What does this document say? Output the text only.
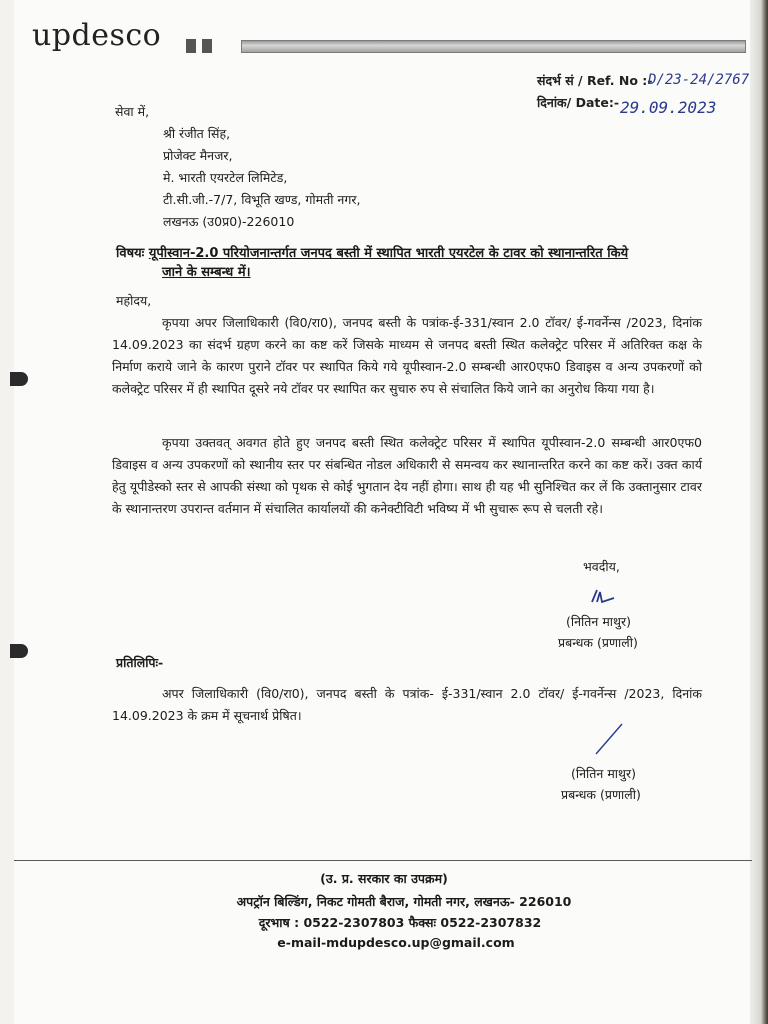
updesco
संदर्भ सं / Ref. No :-
D/23-24/2767
दिनांक/ Date:- 29.09.2023
सेवा में,
श्री रंजीत सिंह,
प्रोजेक्ट मैनजर,
मे. भारती एयरटेल लिमिटेड,
टी.सी.जी.-7/7, विभूति खण्ड, गोमती नगर,
लखनऊ (उ0प्र0)-226010
विषयः यूपीस्वान-2.0 परियोजनान्तर्गत जनपद बस्ती में स्थापित भारती एयरटेल के टावर को स्थानान्तरित किये
जाने के सम्बन्ध में।
महोदय,
कृपया अपर जिलाधिकारी (वि0/रा0), जनपद बस्ती के पत्रांक-ई-331/स्वान 2.0 टॉवर/ ई-गवर्नेन्स /2023, दिनांक 14.09.2023 का संदर्भ ग्रहण करने का कष्ट करें जिसके माध्यम से जनपद बस्ती स्थित कलेक्ट्रेट परिसर में अतिरिक्त कक्ष के निर्माण कराये जाने के कारण पुराने टॉवर पर स्थापित किये गये यूपीस्वान-2.0 सम्बन्धी आर0एफ0 डिवाइस व अन्य उपकरणों को कलेक्ट्रेट परिसर में ही स्थापित दूसरे नये टॉवर पर स्थापित कर सुचारु रुप से संचालित किये जाने का अनुरोध किया गया है।
कृपया उक्तवत् अवगत होते हुए जनपद बस्ती स्थित कलेक्ट्रेट परिसर में स्थापित यूपीस्वान-2.0 सम्बन्धी आर0एफ0 डिवाइस व अन्य उपकरणों को स्थानीय स्तर पर संबन्धित नोडल अधिकारी से समन्वय कर स्थानान्तरित करने का कष्ट करें। उक्त कार्य हेतु यूपीडेस्को स्तर से आपकी संस्था को पृथक से कोई भुगतान देय नहीं होगा। साथ ही यह भी सुनिश्चित कर लें कि उक्तानुसार टावर के स्थानान्तरण उपरान्त वर्तमान में संचालित कार्यालयों की कनेक्टीविटी भविष्य में भी सुचारू रूप से चलती रहे।
भवदीय,
(नितिन माथुर)
प्रबन्धक (प्रणाली)
प्रतिलिपिः-
अपर जिलाधिकारी (वि0/रा0), जनपद बस्ती के पत्रांक- ई-331/स्वान 2.0 टॉवर/ ई-गवर्नेन्स /2023, दिनांक 14.09.2023 के क्रम में सूचनार्थ प्रेषित।
(नितिन माथुर)
प्रबन्धक (प्रणाली)
(उ. प्र. सरकार का उपक्रम)
अपट्रॉन बिल्डिंग, निकट गोमती बैराज, गोमती नगर, लखनऊ- 226010
दूरभाष : 0522-2307803 फैक्सः 0522-2307832
e-mail-mdupdesco.up@gmail.com
